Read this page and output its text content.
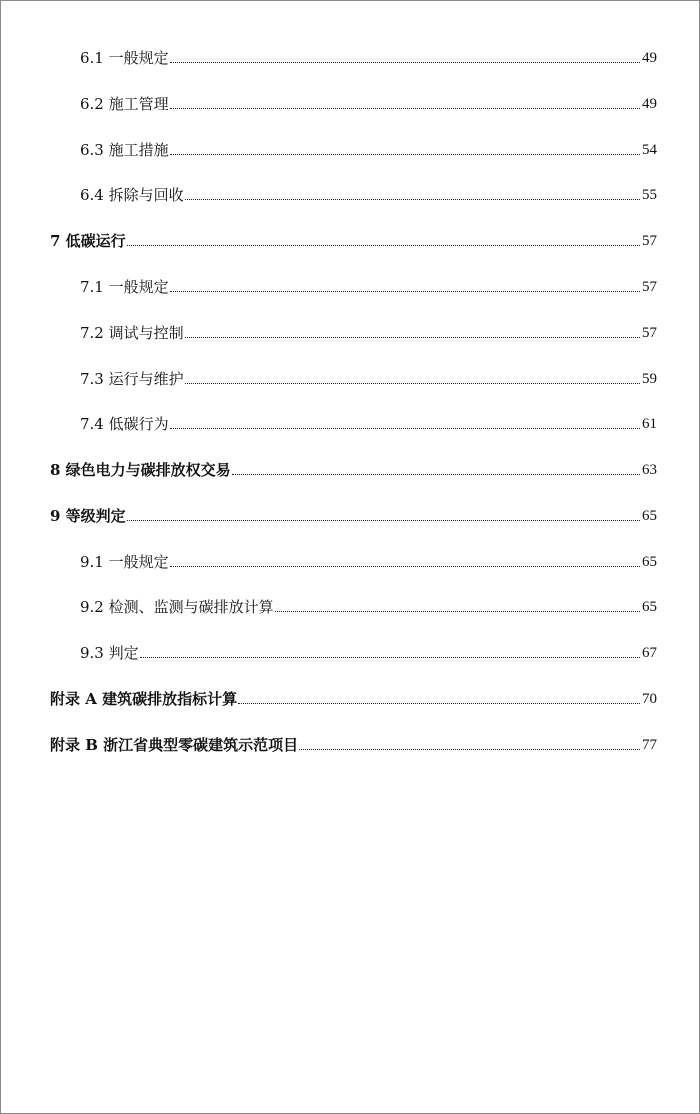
6.1 一般规定	49
6.2 施工管理	49
6.3 施工措施	54
6.4 拆除与回收	55
7 低碳运行	57
7.1 一般规定	57
7.2 调试与控制	57
7.3 运行与维护	59
7.4 低碳行为	61
8 绿色电力与碳排放权交易	63
9 等级判定	65
9.1 一般规定	65
9.2 检测、监测与碳排放计算	65
9.3 判定	67
附录 A 建筑碳排放指标计算	70
附录 B 浙江省典型零碳建筑示范项目	77
